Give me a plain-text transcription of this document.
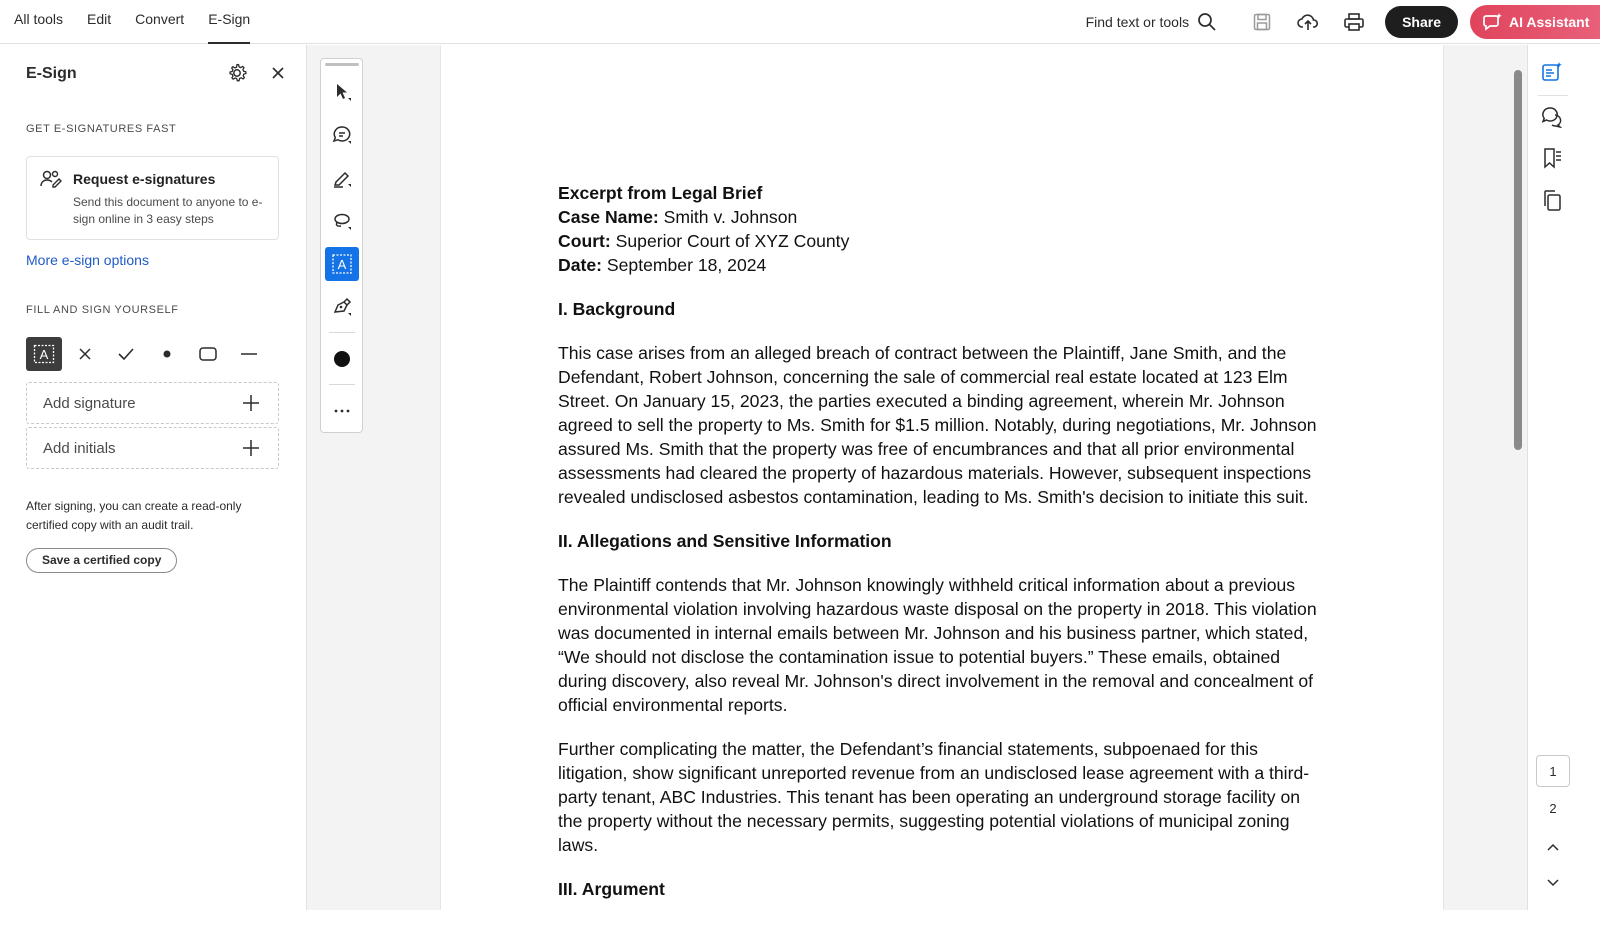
All tools	Edit	Convert	E-Sign	Find text or tools	Share	AI Assistant
E-Sign
GET E-SIGNATURES FAST
Request e-signatures
Send this document to anyone to e-sign online in 3 easy steps
More e-sign options
FILL AND SIGN YOURSELF
A
Add signature
Add initials
After signing, you can create a read-only certified copy with an audit trail.
Save a certified copy
A
Excerpt from Legal Brief
Case Name: Smith v. Johnson
Court: Superior Court of XYZ County
Date: September 18, 2024
I. Background

This case arises from an alleged breach of contract between the Plaintiff, Jane Smith, and the Defendant, Robert Johnson, concerning the sale of commercial real estate located at 123 Elm Street. On January 15, 2023, the parties executed a binding agreement, wherein Mr. Johnson agreed to sell the property to Ms. Smith for $1.5 million. Notably, during negotiations, Mr. Johnson assured Ms. Smith that the property was free of encumbrances and that all prior environmental assessments had cleared the property of hazardous materials. However, subsequent inspections revealed undisclosed asbestos contamination, leading to Ms. Smith's decision to initiate this suit.

II. Allegations and Sensitive Information

The Plaintiff contends that Mr. Johnson knowingly withheld critical information about a previous environmental violation involving hazardous waste disposal on the property in 2018. This violation was documented in internal emails between Mr. Johnson and his business partner, which stated, “We should not disclose the contamination issue to potential buyers.” These emails, obtained during discovery, also reveal Mr. Johnson's direct involvement in the removal and concealment of official environmental reports.

Further complicating the matter, the Defendant’s financial statements, subpoenaed for this litigation, show significant unreported revenue from an undisclosed lease agreement with a third-party tenant, ABC Industries. This tenant has been operating an underground storage facility on the property without the necessary permits, suggesting potential violations of municipal zoning laws.

III. Argument
1
2
